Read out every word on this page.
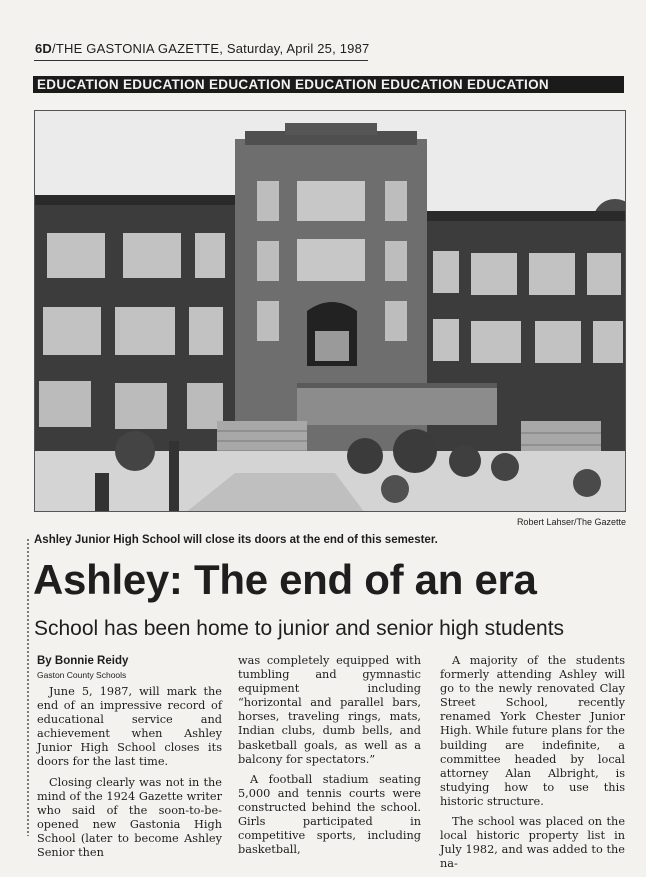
6D/THE GASTONIA GAZETTE, Saturday, April 25, 1987
EDUCATION EDUCATION EDUCATION EDUCATION EDUCATION EDUCATION
Robert Lahser/The Gazette
Ashley Junior High School will close its doors at the end of this semester.
Ashley: The end of an era
School has been home to junior and senior high students
By Bonnie Reidy
Gaston County Schools

June 5, 1987, will mark the end of an impressive record of educational service and achievement when Ashley Junior High School closes its doors for the last time.

Closing clearly was not in the mind of the 1924 Gazette writer who said of the soon-to-be-opened new Gastonia High School (later to become Ashley Senior then

was completely equipped with tumbling and gymnastic equipment including “horizontal and parallel bars, horses, traveling rings, mats, Indian clubs, dumb bells, and basketball goals, as well as a balcony for spectators.”

A football stadium seating 5,000 and tennis courts were constructed behind the school. Girls participated in competitive sports, including basketball,

A majority of the students formerly attending Ashley will go to the newly renovated Clay Street School, recently renamed York Chester Junior High. While future plans for the building are indefinite, a committee headed by local attorney Alan Albright, is studying how to use this historic structure.

The school was placed on the local historic property list in July 1982, and was added to the na-
